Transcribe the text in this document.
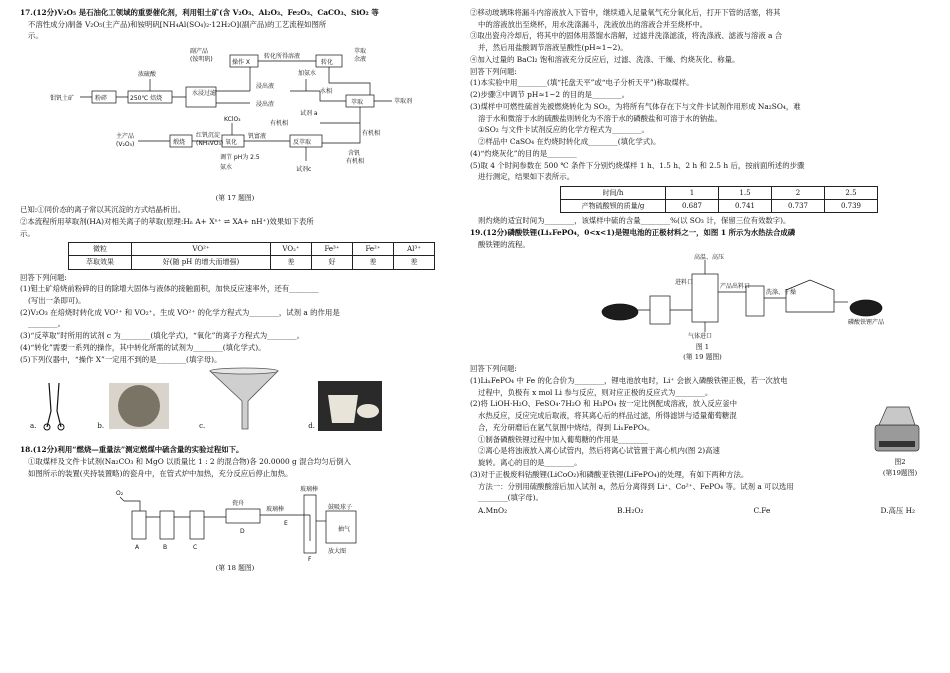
17.(12分)V₂O₅ 是石油化工领域的重要催化剂，利用钼土矿(含 V₂O₃、Al₂O₃、Fe₂O₃、CaCO₃、SiO₂ 等

不溶性成分)制备 V₂O₅(主产品)和铵明矾[NH₄Al(SO₄)₂·12H₂O](副产品)的工艺流程如图所

示。

钼钒土矿	粉碎	250℃ 焙烧
浓硫酸
水浸过滤
浸出液
浸出渣
副产品
(铵明矾)	操作 X
转化所得溶液
转化
萃取
余液
加氨水
水相
萃取	萃取剂
试剂 a
有机相
含钒
有机相
反萃取
试剂c
氧化
KClO₃
钒富液
调节 pH为 2.5
氨水
红钒沉淀
(NH₄VO₃)
煅烧
主产品
(V₂O₅)
有机相

(第 17 题图)

已知:①同价态的离子常以其沉淀的方式结晶析出。

②本流程所用萃取剂(HA)对相关离子的萃取(原理:Hₙ A+ Xⁿ⁺ ⇌ XA+ nH⁺)效果如下表所

示。

微粒	VO²⁺	VO₂⁺	Fe³⁺	Fe²⁺	Al³⁺
萃取效果	好(随 pH 的增大而增强)	差	好	差	差

回答下列问题:

(1)钼土矿焙烧前粉碎的目的除增大固体与液体的接触面积，加快反应速率外，还有________

(写出一条即可)。

(2)V₂O₃ 在焙烧时转化成 VO²⁺ 和 VO₂⁺。生成 VO²⁺ 的化学方程式为________，试剂 a 的作用是

________。

(3)“反萃取”时所用的试剂 c 为________(填化学式)，“氧化”的离子方程式为________。

(4)“转化”需要一系列的操作，其中转化所需的试剂为________(填化学式)。

(5)下列仪器中，“操作 X”一定用不到的是________(填字母)。

a.	b.	c.	d.

18.(12分)利用“燃烧—重量法”测定燃煤中硫含量的实验过程如下。

①取煤样及文件卡试剂(Na₂CO₃ 和 MgO 以质量比 1 : 2 的混合物)各 20.0000 g 混合均匀后倒入

如图所示的装置(夹持装置略)的瓷舟中，在管式炉中加热，充分反应后停止加热。

O₂
瓷舟
玻璃棒
玻璃棒
鼓吸球子
抽气
放大图
A	B	C
D
E
F

(第 18 题图)

②移动玻璃珠将漏斗内溶液放入下管中，继续通入足量氧气充分氧化后，打开下管的活塞，将其

中的溶液放出至烧杯，用水洗涤漏斗，洗液放出的溶液合并至烧杯中。

③取出瓷舟冷却后，将其中的固体用蒸馏水溶解，过滤并洗涤滤渣，将洗涤液、滤液与溶液 a 合

并，然后用盐酸调节溶液呈酸性(pH≈1~2)。

④加入过量的 BaCl₂ 饱和溶液充分反应后，过滤、洗涤、干燥、灼烧灰化、称量。

回答下列问题:

(1)本实验中用________(填“托盘天平”或“电子分析天平”)称取煤样。

(2)步骤③中调节 pH≈1~2 的目的是________。

(3)煤样中可燃性硫首先被燃烧转化为 SO₂，为将所有气体存在下与文件卡试剂作用形成 Na₂SO₄，难

溶于水和微溶于水的硫酸盐则转化为不溶于水的磷酸盐和可溶于水的钠盐。

①SO₂ 与文件卡试剂反应的化学方程式为________。

②样品中 CaSO₄ 在灼烧时转化成________(填化学式)。

(4)“灼烧灰化”的目的是________

(5)取 4 个时间参数在 500 ℃ 条件下分别灼烧煤样 1 h、1.5 h、2 h 和 2.5 h 后，按前面所述的步骤

进行测定，结果如下表所示。

时间/h	1	1.5	2	2.5
产物硫酸钡的质量/g	0.687	0.741	0.737	0.739

则灼烧的适宜时间为________，该煤样中硫的含量________%(以 SO₃ 计，保留三位有效数字)。

19.(12分)磷酸铁锂(LiₓFePO₄，0<x<1)是锂电池的正极材料之一，如图 1 所示为水热法合成磷

酸铁锂的流程。

高温、高压
进料口
产品出料口
气体进口
洗涤、干燥
磷酸铁锂产品

图 1

(第 19 题图)

回答下列问题:

(1)LiₓFePO₄ 中 Fe 的化合价为________，锂电池放电时，Li⁺ 会嵌入磷酸铁锂正极，若一次放电

过程中，负极有 x mol Li 参与反应，则对应正极的反应式为________。

(2)将 LiOH·H₂O、FeSO₄·7H₂O 和 H₃PO₄ 按一定比例配成溶液，放入反应釜中

水热反应，反应完成后取液，将其离心后的样品过滤，所得滤饼与适量葡萄糖混

合，充分研磨后在氩气氛围中烧结，得到 LiₓFePO₄。

①制备磷酸铁锂过程中加入葡萄糖的作用是________

②离心是将浊液放入离心试管内，然后将离心试管置于离心机内(图 2)高速

旋转。离心的目的是________。	图2
(第19题图)

(3)对于正极废料钴酸锂(LiCoO₂)和磷酸亚铁锂(LiFePO₄)的处理，有如下两种方法。

方法一：分别用硫酸酸溶后加入试剂 a，然后分离得到 Li⁺、Co²⁺、FePO₄ 等。试剂 a 可以选用

________(填字母)。

A.MnO₂	B.H₂O₂	C.Fe	D.高压 H₂
